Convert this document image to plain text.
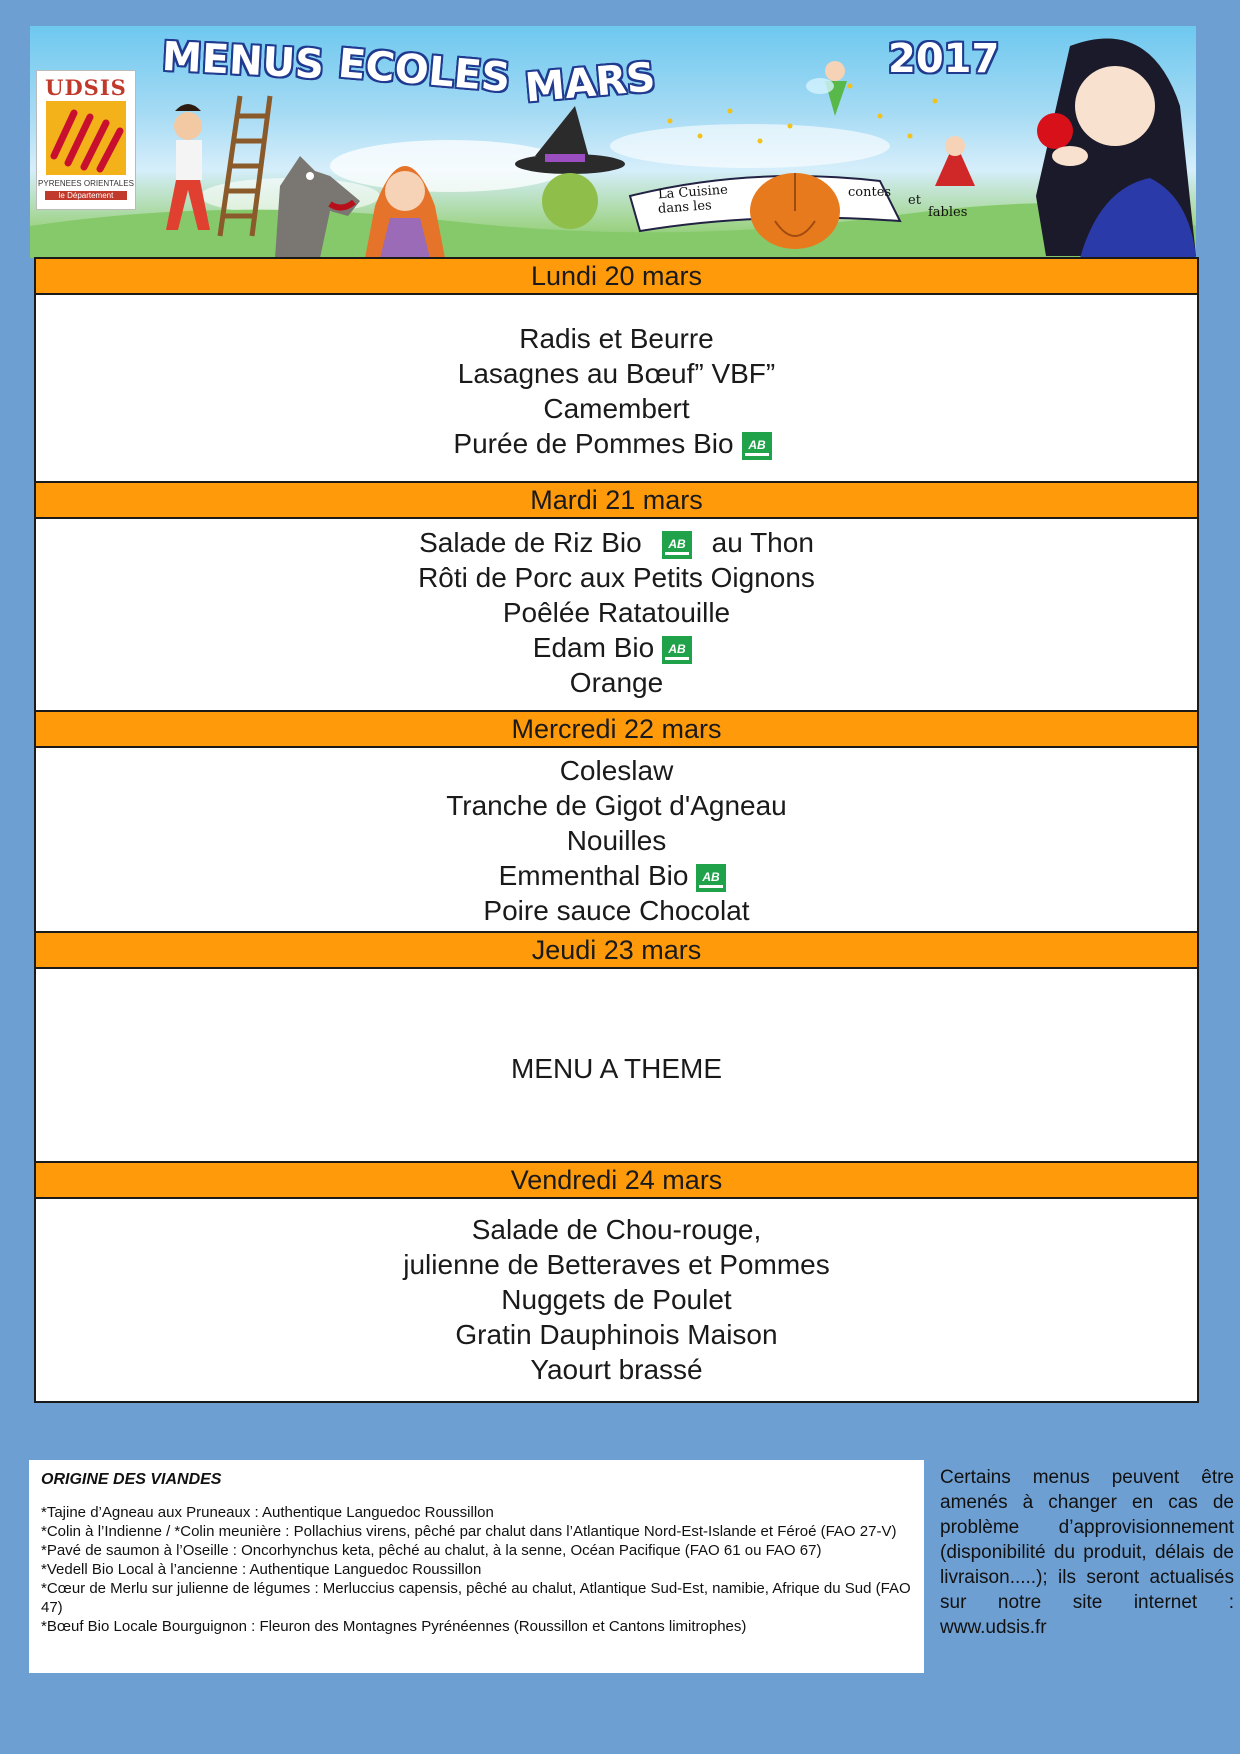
UDSIS
PYRENEES ORIENTALES
le Département
MENUS ECOLES MARS	2017
La Cuisine
dans les
contes
et
fables
Lundi 20 mars
Radis et Beurre
Lasagnes au Bœuf” VBF”
Camembert
Purée de Pommes Bio AB
Mardi 21 mars
Salade de Riz Bio AB au Thon
Rôti de Porc aux Petits Oignons
Poêlée Ratatouille
Edam Bio AB
Orange
Mercredi 22 mars
Coleslaw
Tranche de Gigot d'Agneau
Nouilles
Emmenthal Bio AB
Poire sauce Chocolat
Jeudi 23 mars
MENU A THEME
Vendredi 24 mars
Salade de Chou-rouge,
julienne de Betteraves et Pommes
Nuggets de Poulet
Gratin Dauphinois Maison
Yaourt brassé
ORIGINE DES VIANDES
*Tajine d’Agneau aux Pruneaux : Authentique Languedoc Roussillon
*Colin à l’Indienne / *Colin meunière : Pollachius virens, pêché par chalut dans l’Atlantique Nord-Est-Islande et Féroé (FAO 27-V)
*Pavé de saumon à l’Oseille : Oncorhynchus keta, pêché au chalut, à la senne, Océan Pacifique (FAO 61 ou FAO 67)
*Vedell Bio Local à l’ancienne : Authentique Languedoc Roussillon
*Cœur de Merlu sur julienne de légumes : Merluccius capensis, pêché au chalut, Atlantique Sud-Est, namibie, Afrique du Sud (FAO 47)
*Bœuf Bio Locale Bourguignon : Fleuron des Montagnes Pyrénéennes (Roussillon et Cantons limitrophes)
Certains menus peuvent être amenés à changer en cas de problème d’approvisionnement (disponibilité du produit, délais de livraison.....); ils seront actualisés sur notre site internet : www.udsis.fr
